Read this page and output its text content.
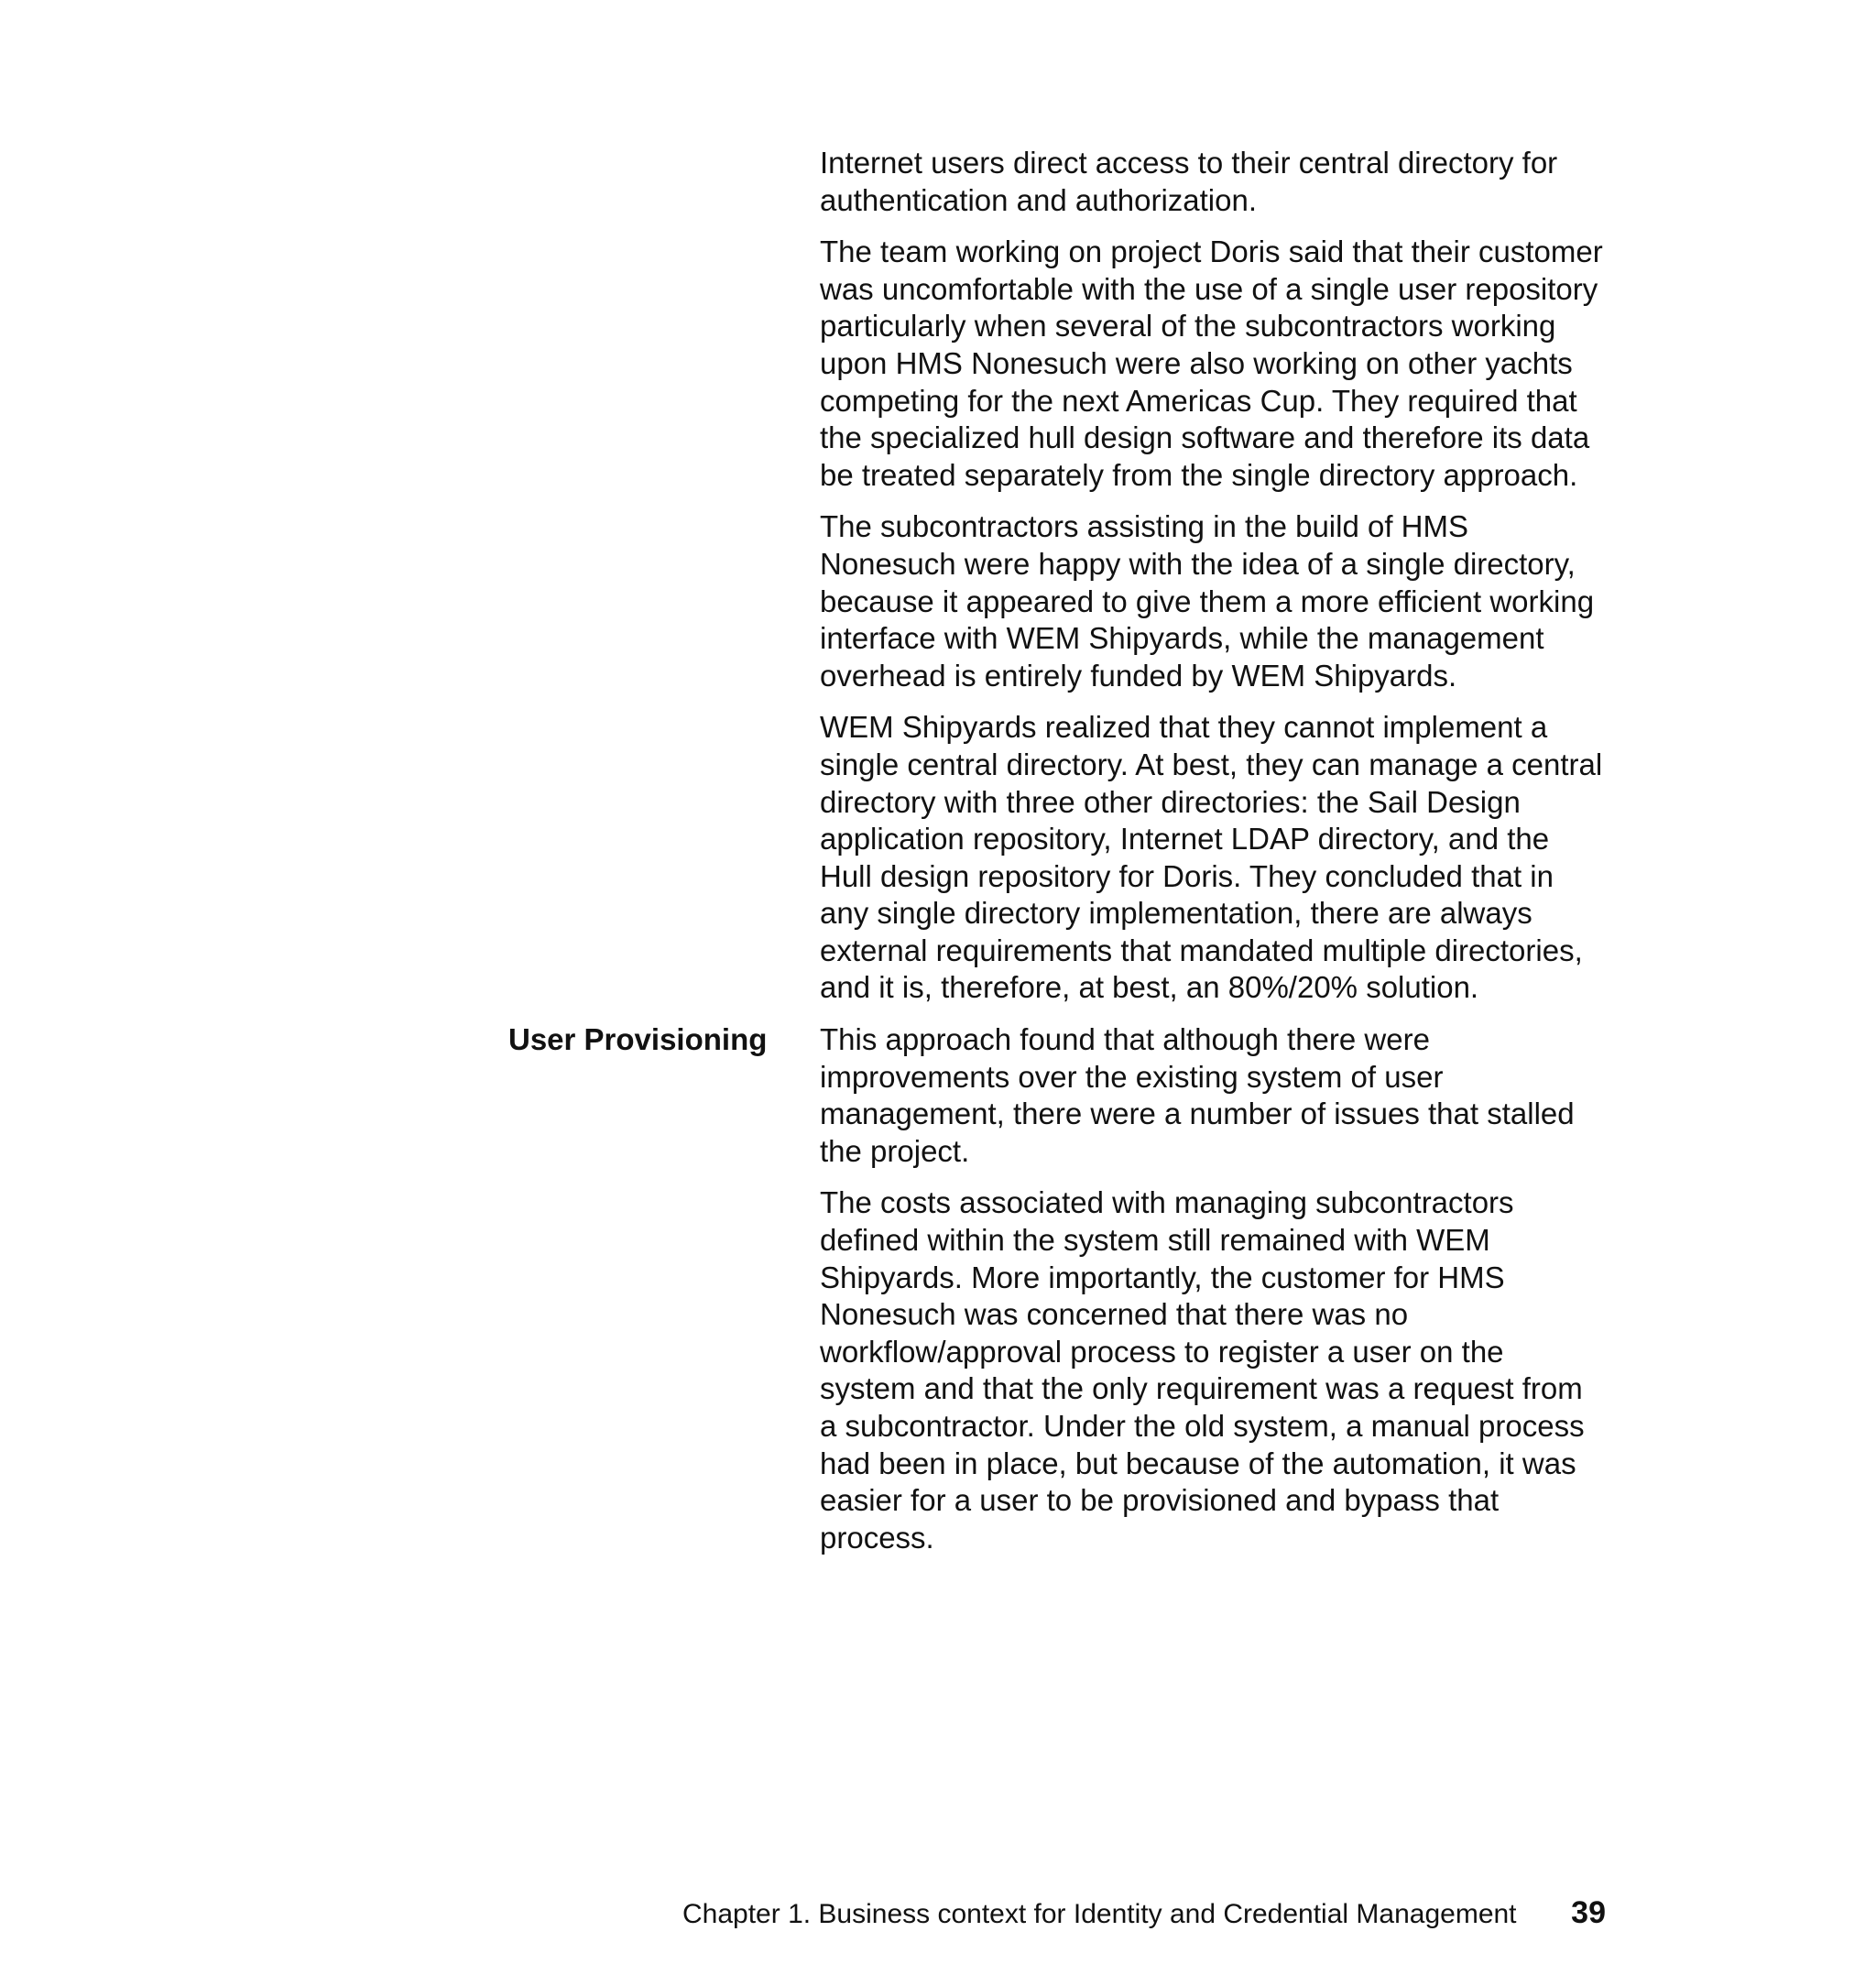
Internet users direct access to their central directory for authentication and authorization.

The team working on project Doris said that their customer was uncomfortable with the use of a single user repository particularly when several of the subcontractors working upon HMS Nonesuch were also working on other yachts competing for the next Americas Cup. They required that the specialized hull design software and therefore its data be treated separately from the single directory approach.

The subcontractors assisting in the build of HMS Nonesuch were happy with the idea of a single directory, because it appeared to give them a more efficient working interface with WEM Shipyards, while the management overhead is entirely funded by WEM Shipyards.

WEM Shipyards realized that they cannot implement a single central directory. At best, they can manage a central directory with three other directories: the Sail Design application repository, Internet LDAP directory, and the Hull design repository for Doris. They concluded that in any single directory implementation, there are always external requirements that mandated multiple directories, and it is, therefore, at best, an 80%/20% solution.

User Provisioning	This approach found that although there were improvements over the existing system of user management, there were a number of issues that stalled the project.

The costs associated with managing subcontractors defined within the system still remained with WEM Shipyards. More importantly, the customer for HMS Nonesuch was concerned that there was no workflow/approval process to register a user on the system and that the only requirement was a request from a subcontractor. Under the old system, a manual process had been in place, but because of the automation, it was easier for a user to be provisioned and bypass that process.

Chapter 1. Business context for Identity and Credential Management 39
